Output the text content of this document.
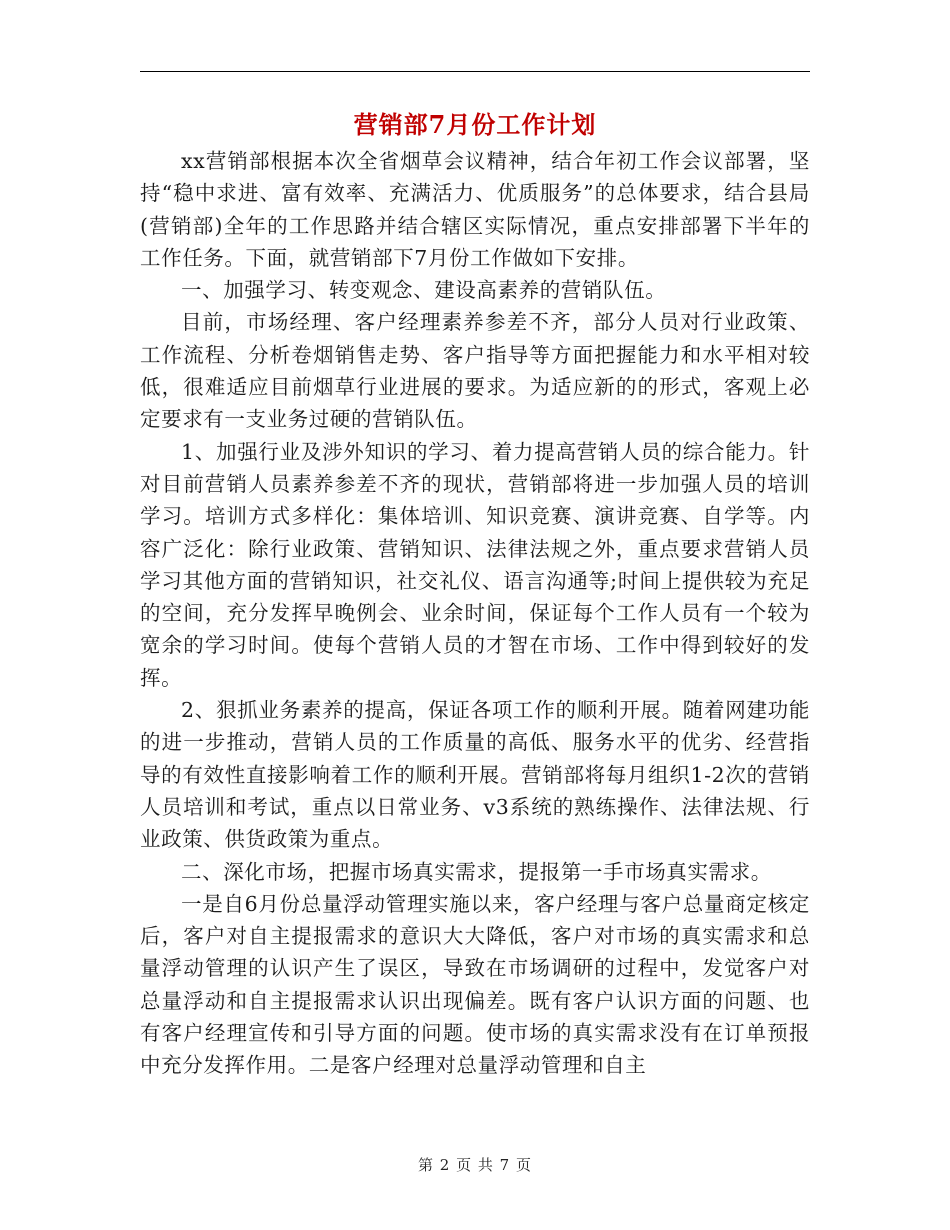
营销部7月份工作计划

xx营销部根据本次全省烟草会议精神，结合年初工作会议部署，坚持“稳中求进、富有效率、充满活力、优质服务”的总体要求，结合县局(营销部)全年的工作思路并结合辖区实际情况，重点安排部署下半年的工作任务。下面，就营销部下7月份工作做如下安排。

一、加强学习、转变观念、建设高素养的营销队伍。

目前，市场经理、客户经理素养参差不齐，部分人员对行业政策、工作流程、分析卷烟销售走势、客户指导等方面把握能力和水平相对较低，很难适应目前烟草行业进展的要求。为适应新的的形式，客观上必定要求有一支业务过硬的营销队伍。

1、加强行业及涉外知识的学习、着力提高营销人员的综合能力。针对目前营销人员素养参差不齐的现状，营销部将进一步加强人员的培训学习。培训方式多样化：集体培训、知识竞赛、演讲竞赛、自学等。内容广泛化：除行业政策、营销知识、法律法规之外，重点要求营销人员学习其他方面的营销知识，社交礼仪、语言沟通等;时间上提供较为充足的空间，充分发挥早晚例会、业余时间，保证每个工作人员有一个较为宽余的学习时间。使每个营销人员的才智在市场、工作中得到较好的发挥。

2、狠抓业务素养的提高，保证各项工作的顺利开展。随着网建功能的进一步推动，营销人员的工作质量的高低、服务水平的优劣、经营指导的有效性直接影响着工作的顺利开展。营销部将每月组织1-2次的营销人员培训和考试，重点以日常业务、v3系统的熟练操作、法律法规、行业政策、供货政策为重点。

二、深化市场，把握市场真实需求，提报第一手市场真实需求。

一是自6月份总量浮动管理实施以来，客户经理与客户总量商定核定后，客户对自主提报需求的意识大大降低，客户对市场的真实需求和总量浮动管理的认识产生了误区，导致在市场调研的过程中，发觉客户对总量浮动和自主提报需求认识出现偏差。既有客户认识方面的问题、也有客户经理宣传和引导方面的问题。使市场的真实需求没有在订单预报中充分发挥作用。二是客户经理对总量浮动管理和自主

第 2 页 共 7 页
